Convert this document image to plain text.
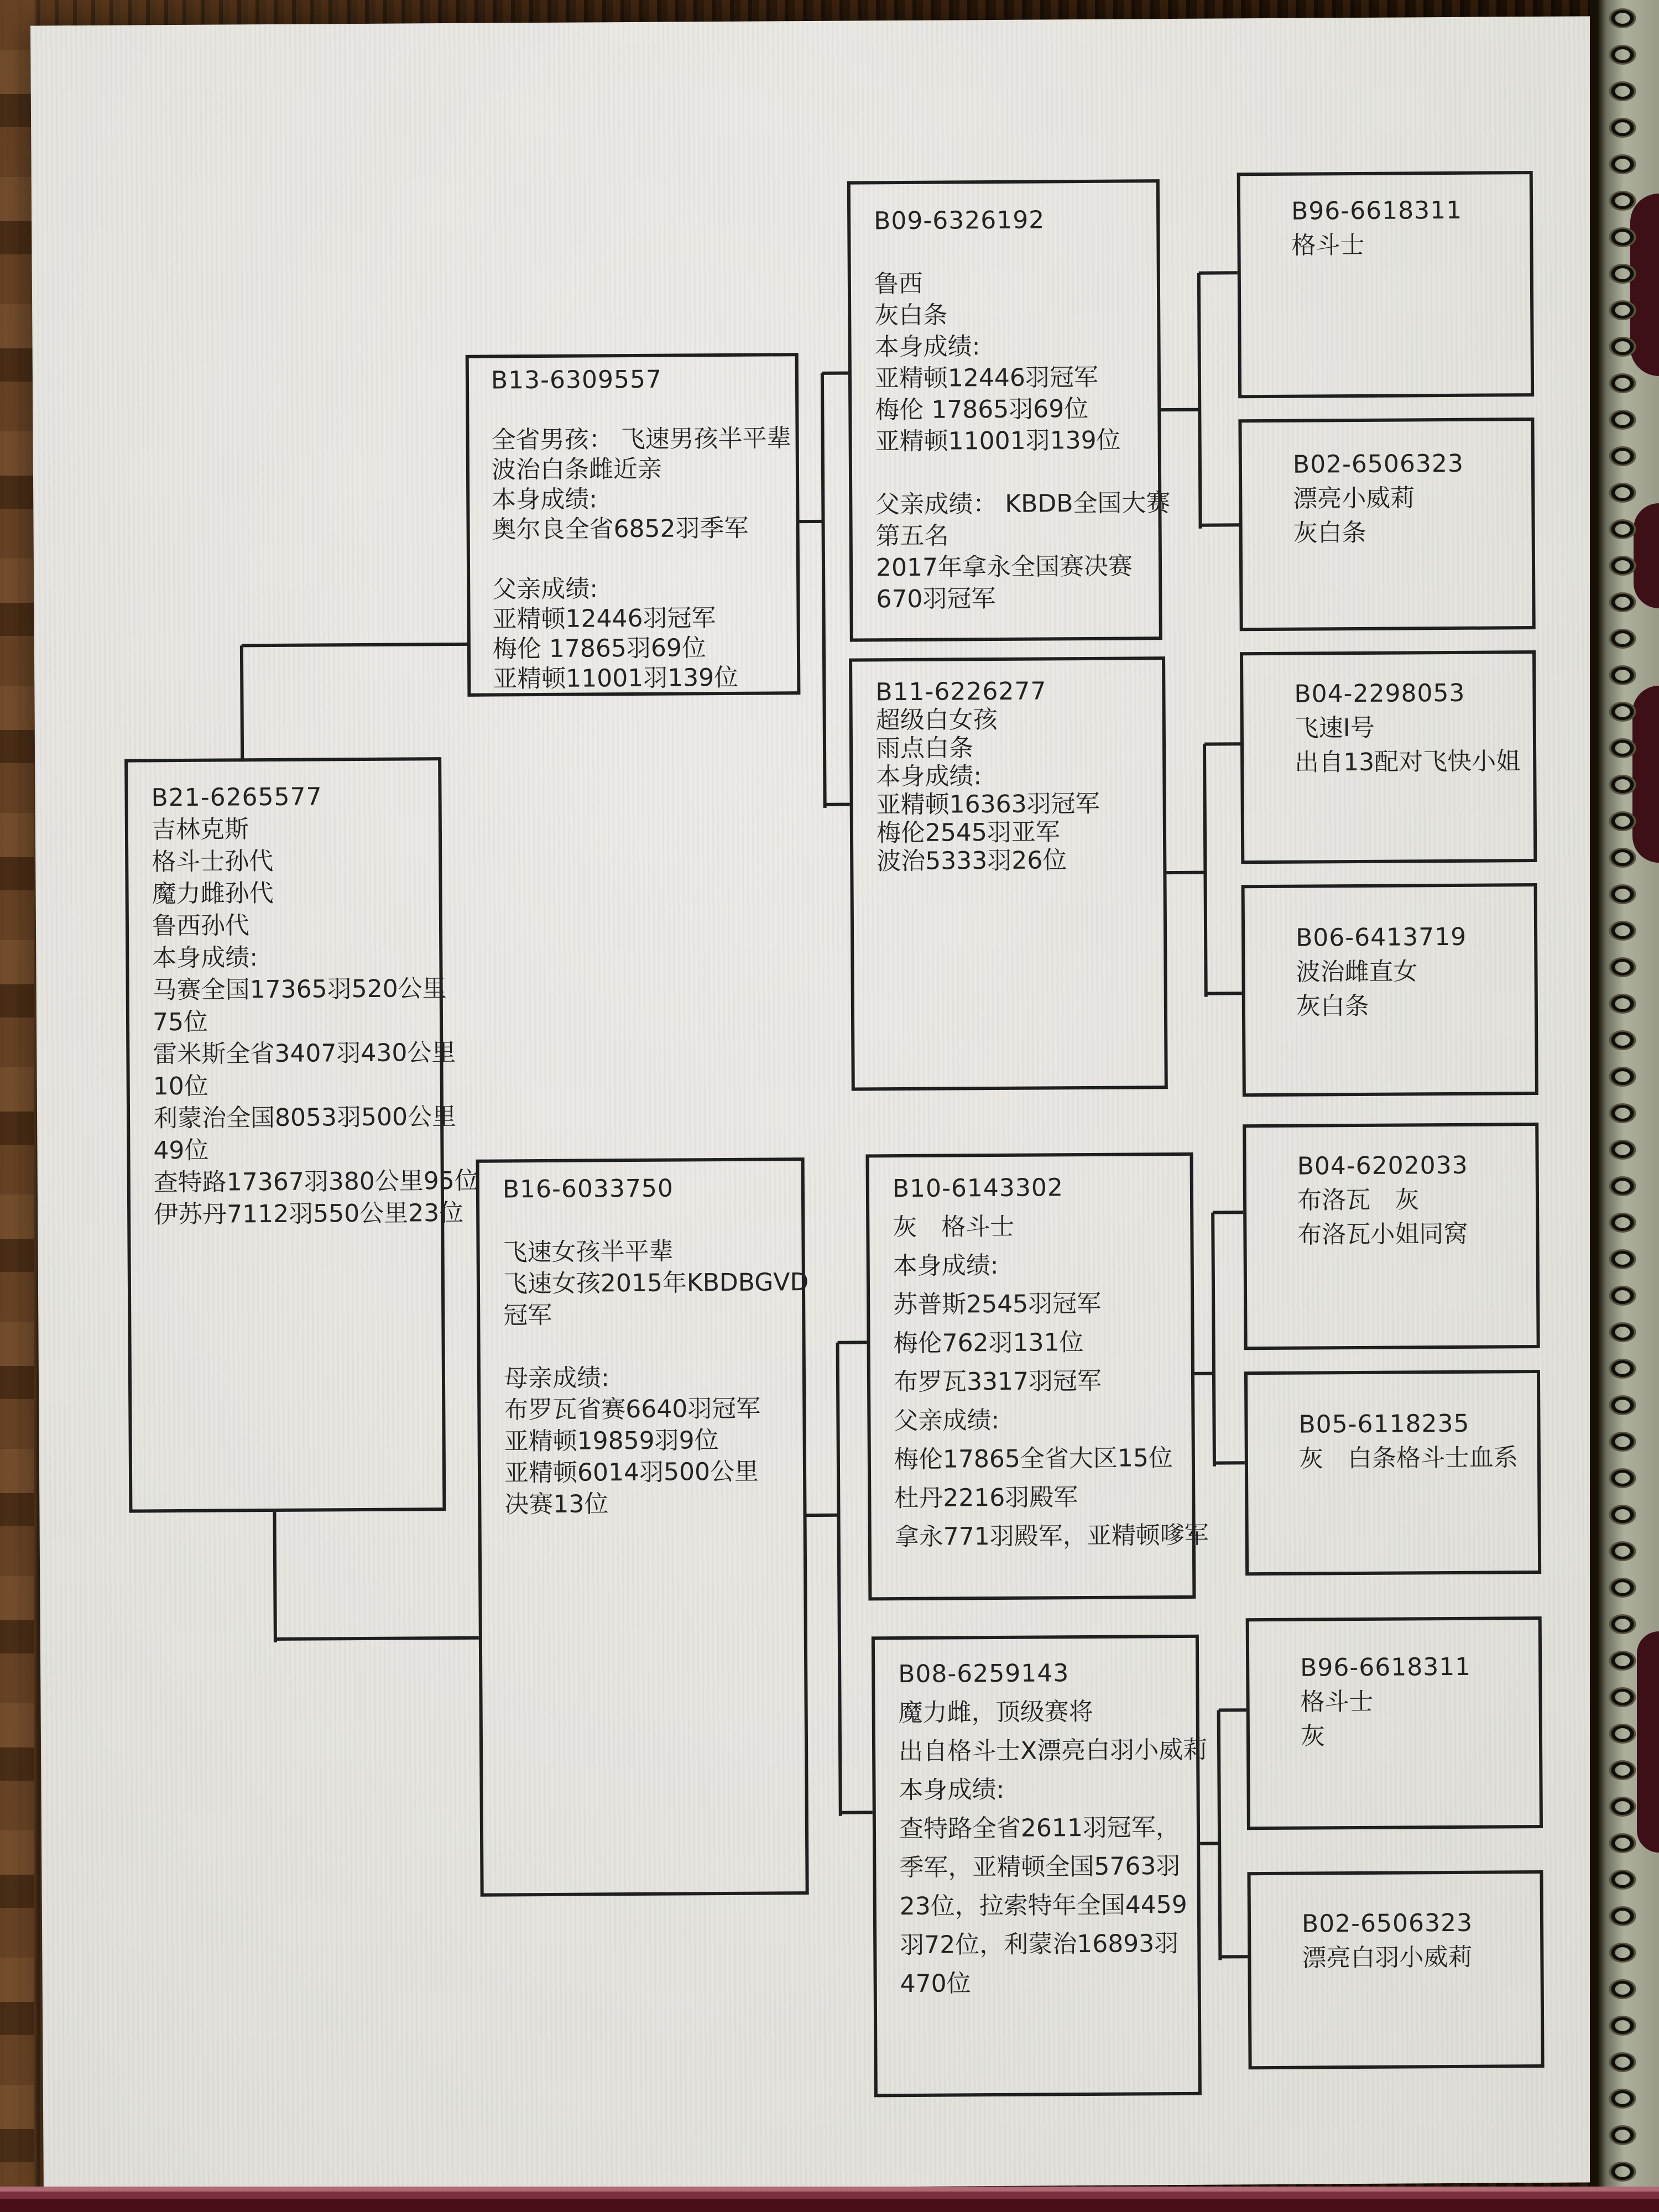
B21-6265577
吉林克斯
格斗士孙代
魔力雌孙代
鲁西孙代
本身成绩:
马赛全国17365羽520公里
75位
雷米斯全省3407羽430公里
10位
利蒙治全国8053羽500公里
49位
查特路17367羽380公里95位
伊苏丹7112羽550公里23位
B13-6309557

全省男孩： 飞速男孩半平辈
波治白条雌近亲
本身成绩:
奥尔良全省6852羽季军

父亲成绩:
亚精顿12446羽冠军
梅伦 17865羽69位
亚精顿11001羽139位
B09-6326192

鲁西
灰白条
本身成绩:
亚精顿12446羽冠军
梅伦 17865羽69位
亚精顿11001羽139位

父亲成绩： KBDB全国大赛
第五名
2017年拿永全国赛决赛
670羽冠军
B11-6226277
超级白女孩
雨点白条
本身成绩:
亚精顿16363羽冠军
梅伦2545羽亚军
波治5333羽26位
B16-6033750

飞速女孩半平辈
飞速女孩2015年KBDBGVD
冠军

母亲成绩:
布罗瓦省赛6640羽冠军
亚精顿19859羽9位
亚精顿6014羽500公里
决赛13位
B10-6143302
灰　格斗士
本身成绩:
苏普斯2545羽冠军
梅伦762羽131位
布罗瓦3317羽冠军
父亲成绩:
梅伦17865全省大区15位
杜丹2216羽殿军
拿永771羽殿军，亚精顿嗲军
B08-6259143
魔力雌，顶级赛将
出自格斗士X漂亮白羽小威莉
本身成绩:
查特路全省2611羽冠军，
季军，亚精顿全国5763羽
23位，拉索特年全国4459
羽72位，利蒙治16893羽
470位
B96-6618311
格斗士
B02-6506323
漂亮小威莉
灰白条
B04-2298053
飞速I号
出自13配对飞快小姐
B06-6413719
波治雌直女
灰白条
B04-6202033
布洛瓦　灰
布洛瓦小姐同窝
B05-6118235
灰　白条格斗士血系
B96-6618311
格斗士
灰
B02-6506323
漂亮白羽小威莉
